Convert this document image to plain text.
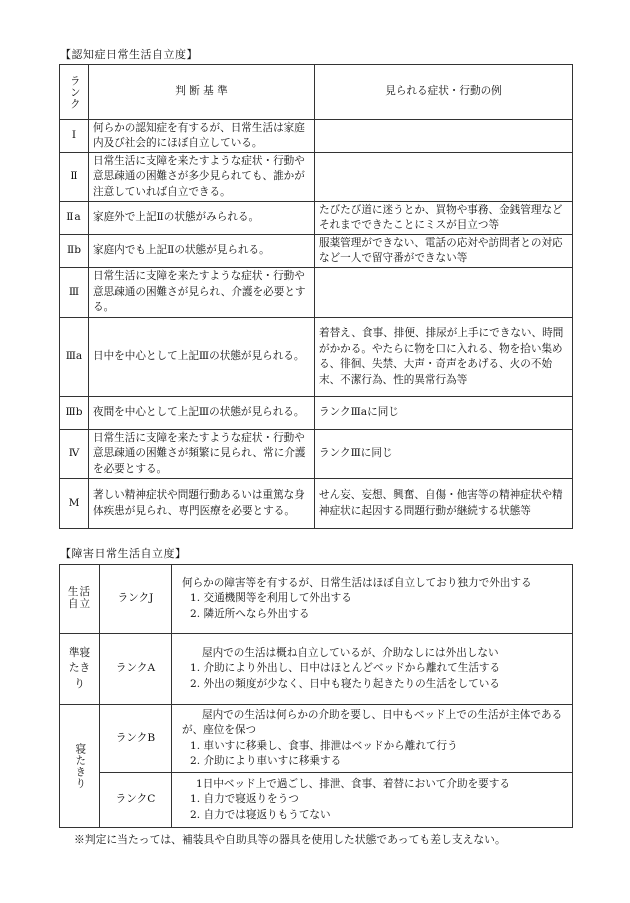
【認知症日常生活自立度】
ランク	判 断 基 準	見られる症状・行動の例
Ⅰ	何らかの認知症を有するが、日常生活は家庭内及び社会的にほぼ自立している。	
Ⅱ	日常生活に支障を来たすような症状・行動や意思疎通の困難さが多少見られても、誰かが注意していれば自立できる。	
Ⅱa	家庭外で上記Ⅱの状態がみられる。	たびたび道に迷うとか、買物や事務、金銭管理などそれまでできたことにミスが目立つ等
Ⅱb	家庭内でも上記Ⅱの状態が見られる。	服薬管理ができない、電話の応対や訪問者との対応など一人で留守番ができない等
Ⅲ	日常生活に支障を来たすような症状・行動や意思疎通の困難さが見られ、介護を必要とする。	
Ⅲa	日中を中心として上記Ⅲの状態が見られる。	着替え、食事、排便、排尿が上手にできない、時間がかかる。やたらに物を口に入れる、物を拾い集める、徘徊、失禁、大声・奇声をあげる、火の不始末、不潔行為、性的異常行為等
Ⅲb	夜間を中心として上記Ⅲの状態が見られる。	ランクⅢaに同じ
Ⅳ	日常生活に支障を来たすような症状・行動や意思疎通の困難さが頻繁に見られ、常に介護を必要とする。	ランクⅢに同じ
M	著しい精神症状や問題行動あるいは重篤な身体疾患が見られ、専門医療を必要とする。	せん妄、妄想、興奮、自傷・他害等の精神症状や精神症状に起因する問題行動が継続する状態等
【障害日常生活自立度】
生活自立	ランクJ	何らかの障害等を有するが、日常生活はほぼ自立しており独力で外出する
1. 交通機関等を利用して外出する
2. 隣近所へなら外出する

準寝たきり	ランクA	屋内での生活は概ね自立しているが、介助なしには外出しない
1. 介助により外出し、日中はほとんどベッドから離れて生活する
2. 外出の頻度が少なく、日中も寝たり起きたりの生活をしている

寝たきり	ランクB	屋内での生活は何らかの介助を要し、日中もベッド上での生活が主体であるが、座位を保つ
1. 車いすに移乗し、食事、排泄はベッドから離れて行う
2. 介助により車いすに移乗する

	ランクC	1日中ベッド上で過ごし、排泄、食事、着替において介助を要する
1. 自力で寝返りをうつ
2. 自力では寝返りもうてない
※判定に当たっては、補装具や自助具等の器具を使用した状態であっても差し支えない。
